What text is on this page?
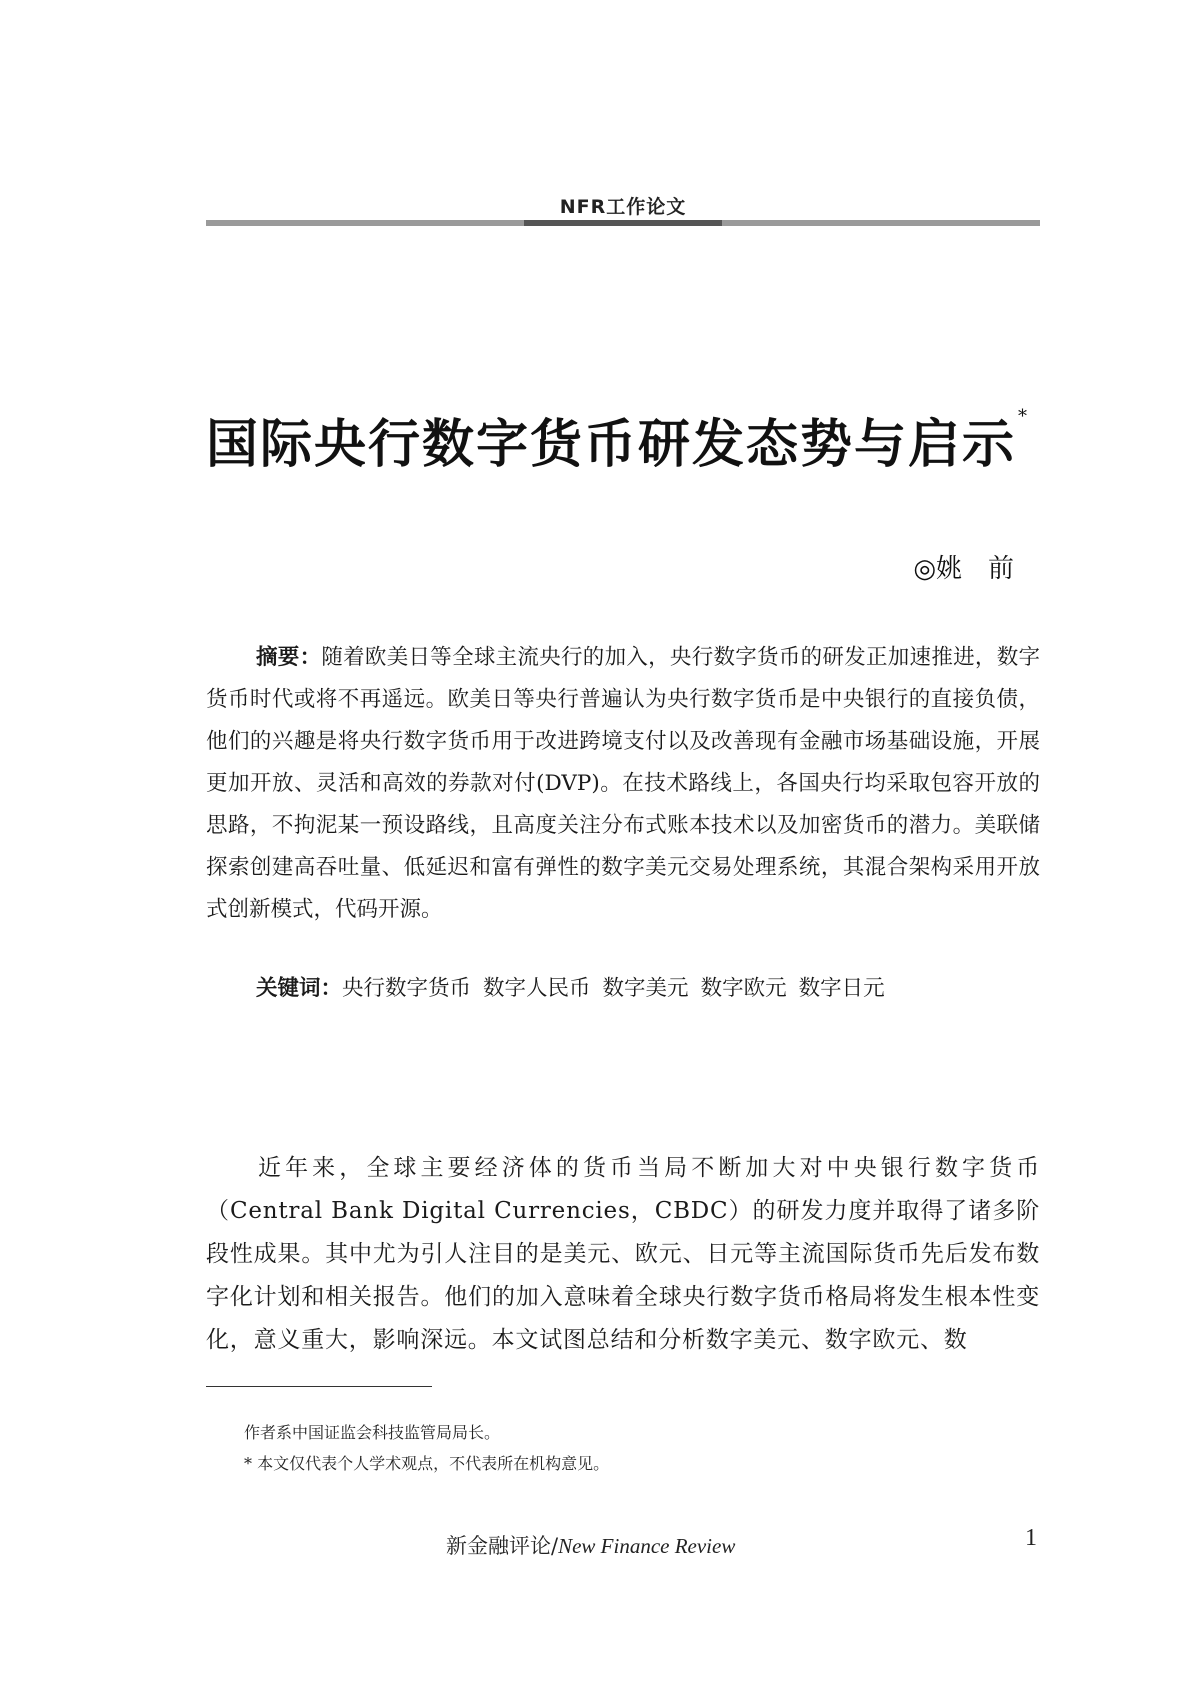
NFR工作论文
国际央行数字货币研发态势与启示 *
◎姚　前
摘要：随着欧美日等全球主流央行的加入，央行数字货币的研发正加速推进，数字货币时代或将不再遥远。欧美日等央行普遍认为央行数字货币是中央银行的直接负债，他们的兴趣是将央行数字货币用于改进跨境支付以及改善现有金融市场基础设施，开展更加开放、灵活和高效的券款对付(DVP)。在技术路线上，各国央行均采取包容开放的思路，不拘泥某一预设路线，且高度关注分布式账本技术以及加密货币的潜力。美联储探索创建高吞吐量、低延迟和富有弹性的数字美元交易处理系统，其混合架构采用开放式创新模式，代码开源。
关键词：央行数字货币 数字人民币 数字美元 数字欧元 数字日元
近年来，全球主要经济体的货币当局不断加大对中央银行数字货币（Central Bank Digital Currencies，CBDC）的研发力度并取得了诸多阶段性成果。其中尤为引人注目的是美元、欧元、日元等主流国际货币先后发布数字化计划和相关报告。他们的加入意味着全球央行数字货币格局将发生根本性变化，意义重大，影响深远。本文试图总结和分析数字美元、数字欧元、数
作者系中国证监会科技监管局局长。
* 本文仅代表个人学术观点，不代表所在机构意见。
新金融评论/New Finance Review	1
